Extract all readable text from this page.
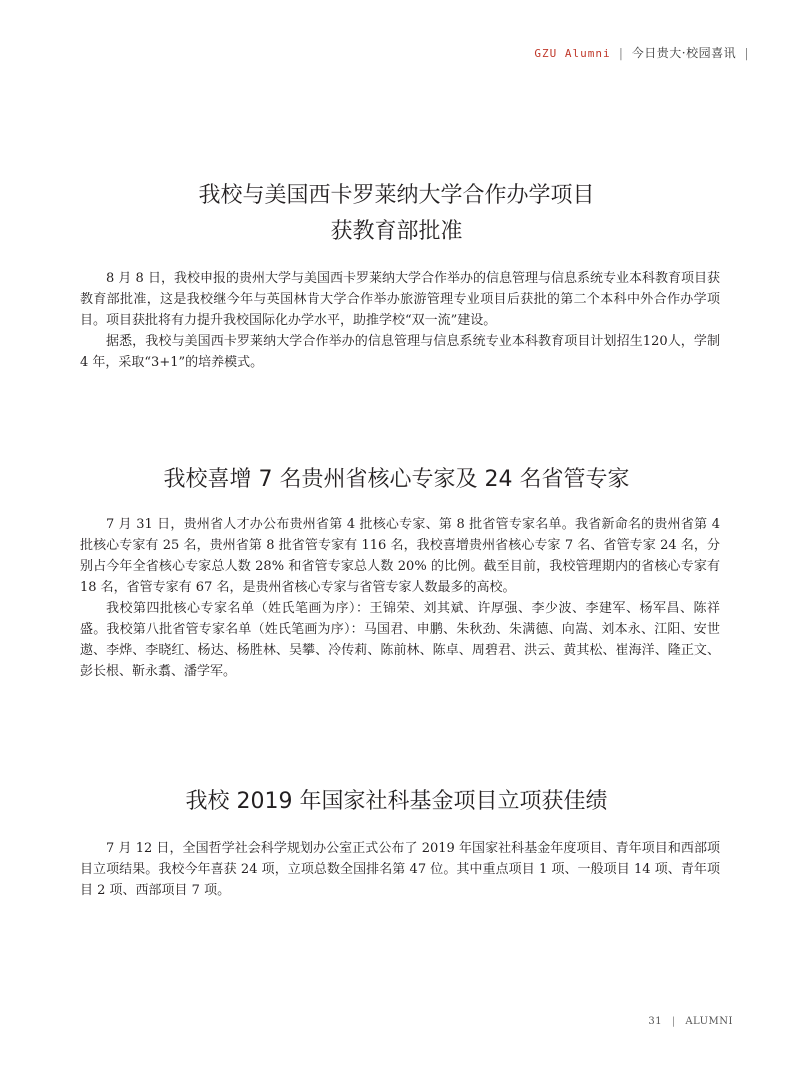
GZU Alumni | 今日贵大·校园喜讯 |
我校与美国西卡罗莱纳大学合作办学项目
获教育部批准

8 月 8 日，我校申报的贵州大学与美国西卡罗莱纳大学合作举办的信息管理与信息系统专业本科教育项目获教育部批准，这是我校继今年与英国林肯大学合作举办旅游管理专业项目后获批的第二个本科中外合作办学项目。项目获批将有力提升我校国际化办学水平，助推学校“双一流”建设。

据悉，我校与美国西卡罗莱纳大学合作举办的信息管理与信息系统专业本科教育项目计划招生120人，学制4 年，采取“3+1”的培养模式。

我校喜增 7 名贵州省核心专家及 24 名省管专家

7 月 31 日，贵州省人才办公布贵州省第 4 批核心专家、第 8 批省管专家名单。我省新命名的贵州省第 4 批核心专家有 25 名，贵州省第 8 批省管专家有 116 名，我校喜增贵州省核心专家 7 名、省管专家 24 名，分别占今年全省核心专家总人数 28% 和省管专家总人数 20% 的比例。截至目前，我校管理期内的省核心专家有 18 名，省管专家有 67 名，是贵州省核心专家与省管专家人数最多的高校。

我校第四批核心专家名单（姓氏笔画为序）：王锦荣、刘其斌、许厚强、李少波、李建军、杨军昌、陈祥盛。我校第八批省管专家名单（姓氏笔画为序）：马国君、申鹏、朱秋劲、朱满德、向嵩、刘本永、江阳、安世遨、李烨、李晓红、杨达、杨胜林、吴攀、冷传莉、陈前林、陈卓、周碧君、洪云、黄其松、崔海洋、隆正文、彭长根、靳永翥、潘学军。

我校 2019 年国家社科基金项目立项获佳绩

7 月 12 日，全国哲学社会科学规划办公室正式公布了 2019 年国家社科基金年度项目、青年项目和西部项目立项结果。我校今年喜获 24 项，立项总数全国排名第 47 位。其中重点项目 1 项、一般项目 14 项、青年项目 2 项、西部项目 7 项。

31 | ALUMNI
